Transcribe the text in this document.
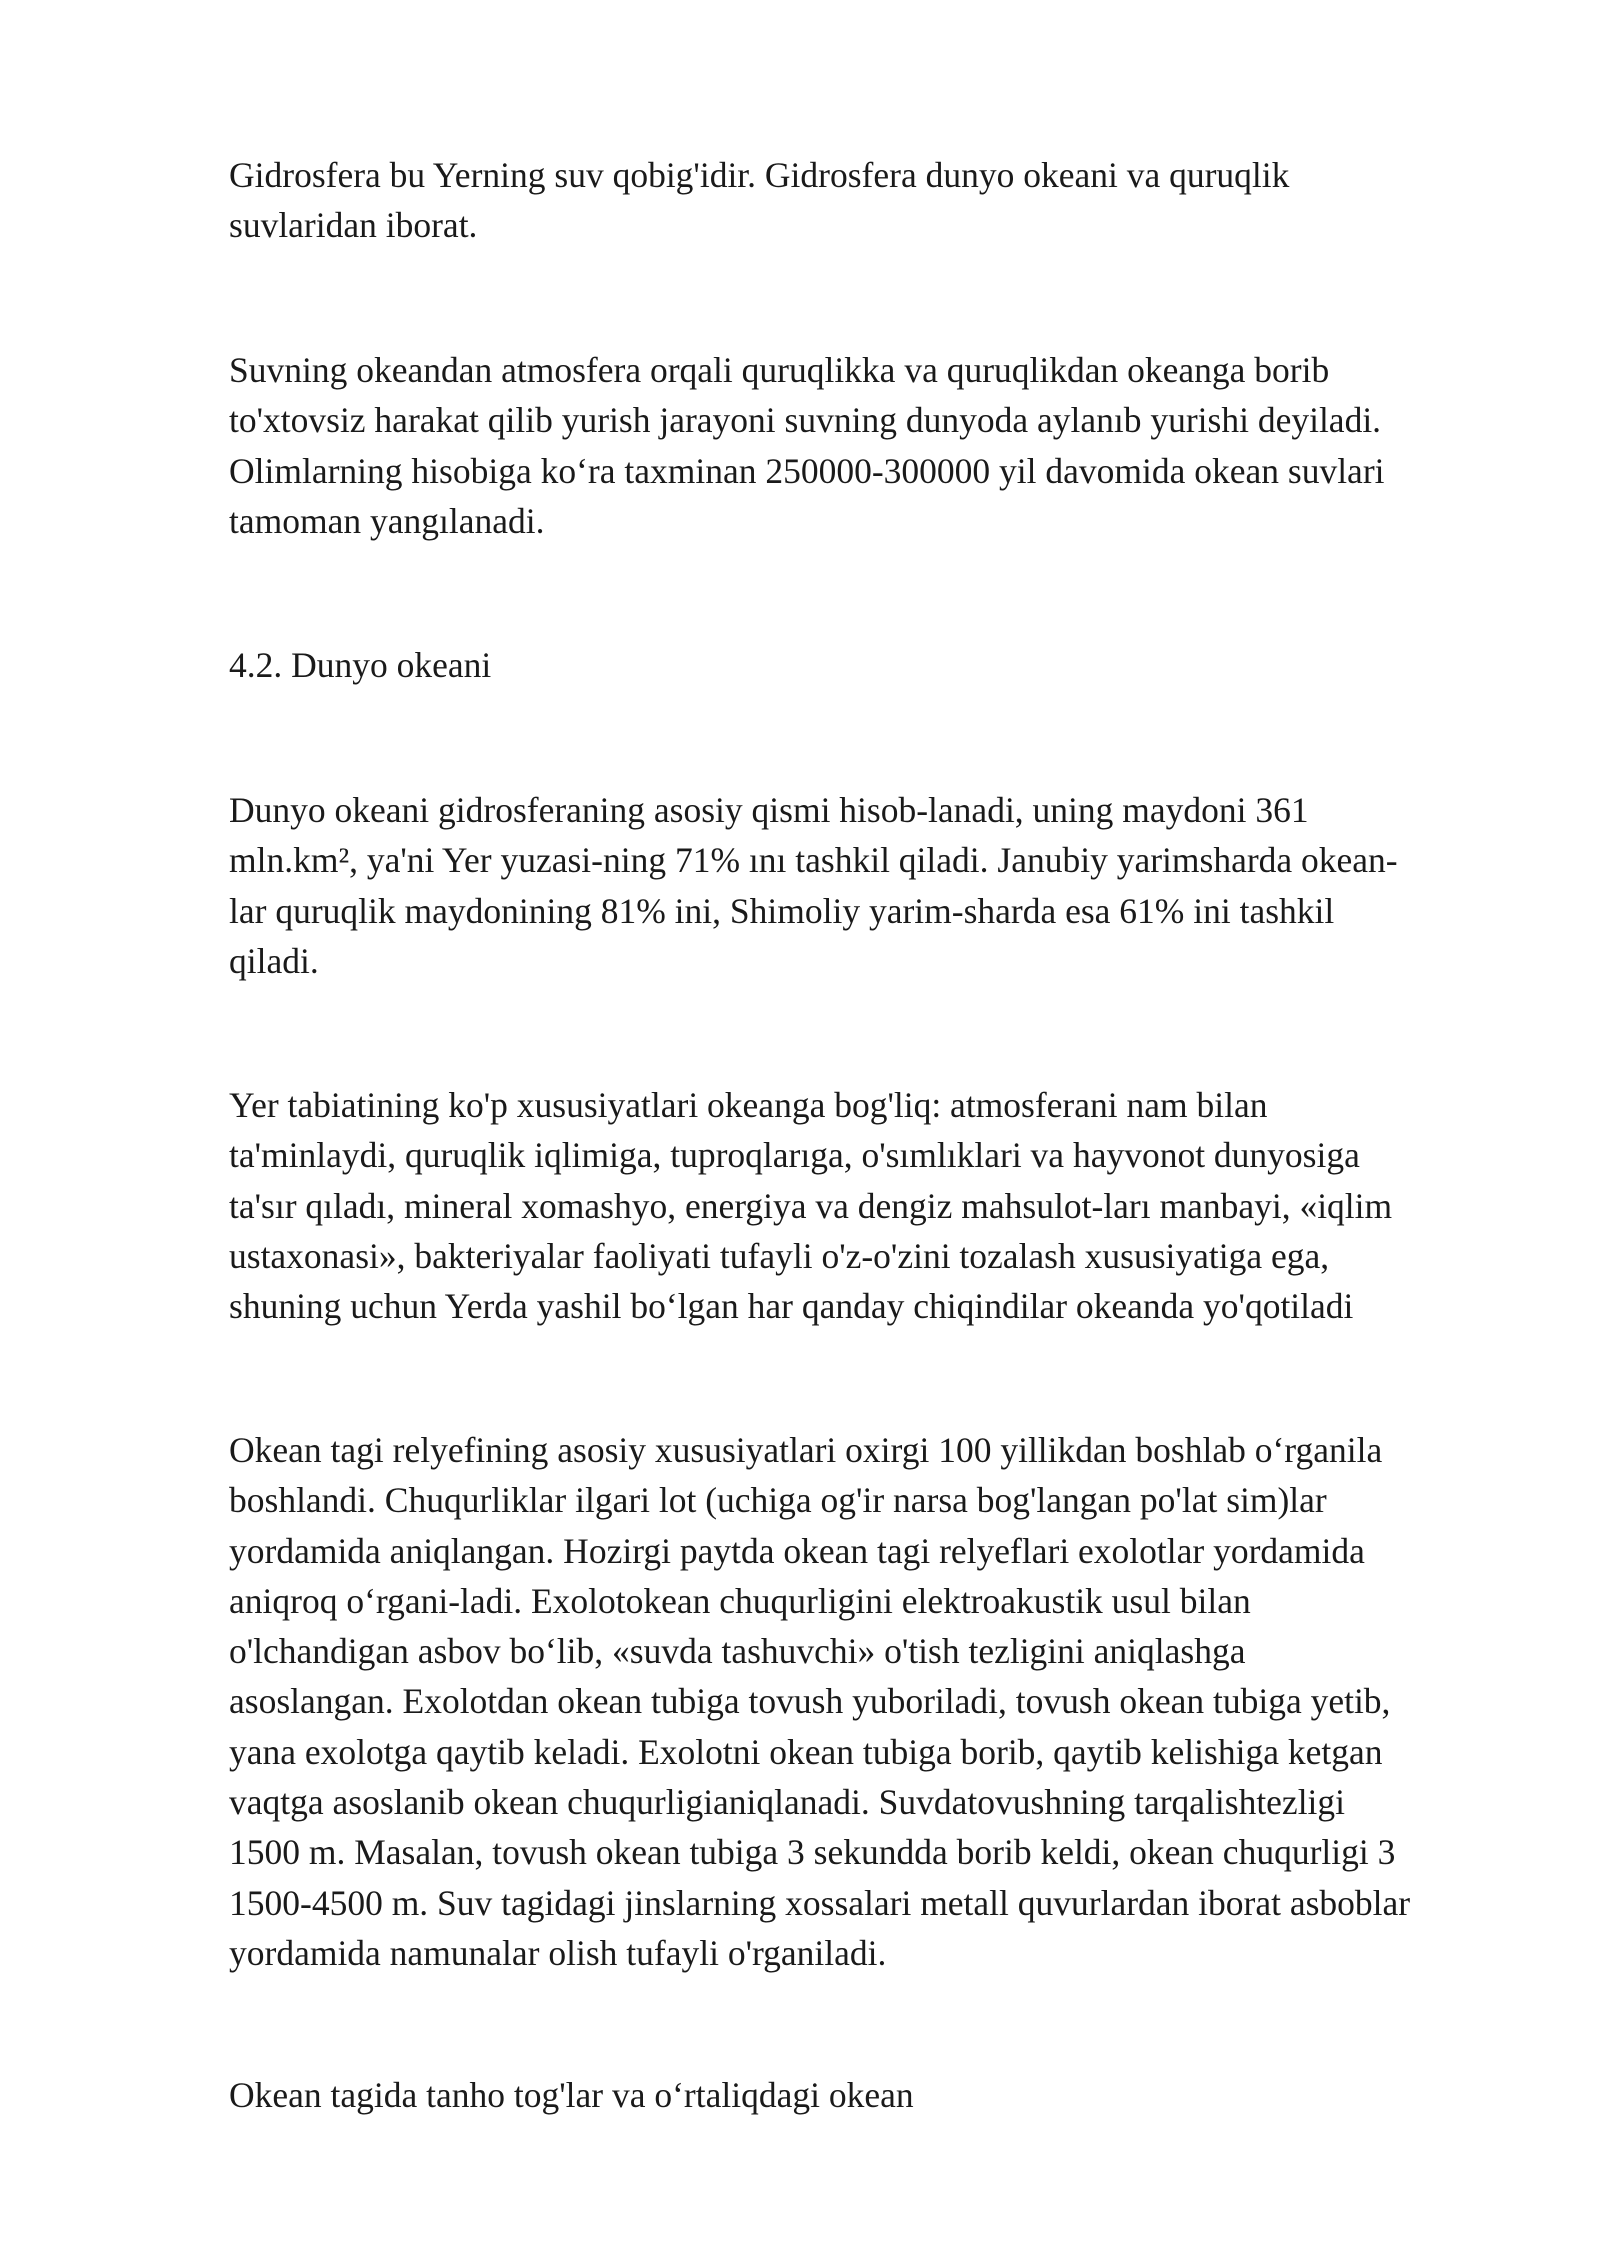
Gidrosfera bu Yerning suv qobig'idir. Gidrosfera dunyo okeani va quruqlik
suvlaridan iborat.

Suvning okeandan atmosfera orqali quruqlikka va quruqlikdan okeanga borib
to'xtovsiz harakat qilib yurish jarayoni suvning dunyoda aylanıb yurishi deyiladi.
Olimlarning hisobiga ko‘ra taxminan 250000-300000 yil davomida okean suvlari
tamoman yangılanadi.

4.2. Dunyo okeani

Dunyo okeani gidrosferaning asosiy qismi hisob-lanadi, uning maydoni 361
mln.km², ya'ni Yer yuzasi-ning 71% ını tashkil qiladi. Janubiy yarimsharda okean-
lar quruqlik maydonining 81% ini, Shimoliy yarim-sharda esa 61% ini tashkil
qiladi.

Yer tabiatining ko'p xususiyatlari okeanga bog'liq: atmosferani nam bilan
ta'minlaydi, quruqlik iqlimiga, tuproqlarıga, o'sımlıklari va hayvonot dunyosiga
ta'sır qıladı, mineral xomashyo, energiya va dengiz mahsulot-ları manbayi, «iqlim
ustaxonasi», bakteriyalar faoliyati tufayli o'z-o'zini tozalash xususiyatiga ega,
shuning uchun Yerda yashil bo‘lgan har qanday chiqindilar okeanda yo'qotiladi

Okean tagi relyefining asosiy xususiyatlari oxirgi 100 yillikdan boshlab o‘rganila
boshlandi. Chuqurliklar ilgari lot (uchiga og'ir narsa bog'langan po'lat sim)lar
yordamida aniqlangan. Hozirgi paytda okean tagi relyeflari exolotlar yordamida
aniqroq o‘rgani-ladi. Exolotokean chuqurligini elektroakustik usul bilan
o'lchandigan asbov bo‘lib, «suvda tashuvchi» o'tish tezligini aniqlashga
asoslangan. Exolotdan okean tubiga tovush yuboriladi, tovush okean tubiga yetib,
yana exolotga qaytib keladi. Exolotni okean tubiga borib, qaytib kelishiga ketgan
vaqtga asoslanib okean chuqurligianiqlanadi. Suvdatovushning tarqalishtezligi
1500 m. Masalan, tovush okean tubiga 3 sekundda borib keldi, okean chuqurligi 3
1500-4500 m. Suv tagidagi jinslarning xossalari metall quvurlardan iborat asboblar
yordamida namunalar olish tufayli o'rganiladi.

Okean tagida tanho tog'lar va o‘rtaliqdagi okean
